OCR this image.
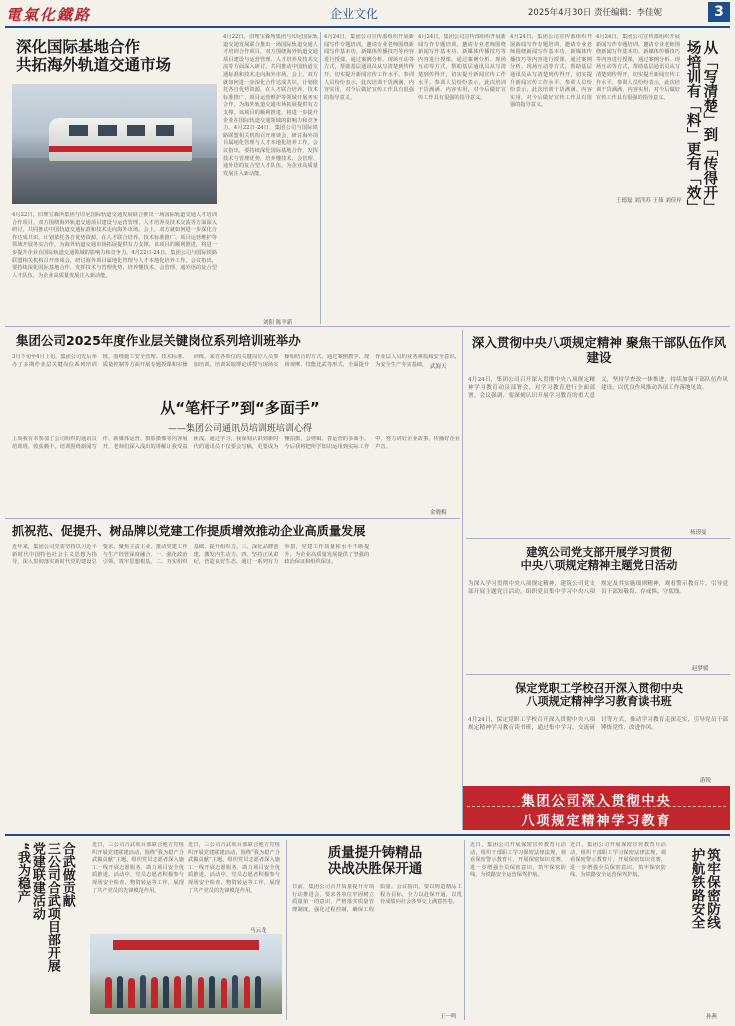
電氣化鐵路	企业文化	2025年4月30日 责任编辑：李佳妮	3
深化国际基地合作
共拓海外轨道交通市场

4月22日，旧理宝森所集团与印尼国际轨道交通发展联合推出一场国际轨道交通人才培训合作项目，双方围绕海外轨道交通项目建设与运营管理、人才培养及技术交流等方面深入研讨，共同推动中国轨道交通标准和技术走向海外市场。会上，双方就如何进一步深化合作达成共识，计划依托各自优势资源，在人才联合培养、技术标准推广、项目运营维护等领域开展务实合作，为海外轨道交通市场拓展提供有力支撑。该项目的顺利推进，将进一步提升企业在国际轨道交通领域的影响力和竞争力。4月22日-24日，集团公司与国际铁路联盟相关机构召开座谈会，研讨海外项目属地化管理与人才本地化培养工作。会议指出，要持续深化国际基地合作，发挥技术与管理优势，培养懂技术、会管理、通外语的复合型人才队伍，为企业高质量发展注入新动能。

4月22日，旧理宝森所集团与印尼国际轨道交通发展联合推出一场国际轨道交通人才培训合作项目，双方围绕海外轨道交通项目建设与运营管理、人才培养及技术交流等方面深入研讨，共同推动中国轨道交通标准和技术走向海外市场。会上，双方就如何进一步深化合作达成共识，计划依托各自优势资源，在人才联合培养、技术标准推广、项目运营维护等领域开展务实合作，为海外轨道交通市场拓展提供有力支撑。该项目的顺利推进，将进一步提升企业在国际轨道交通领域的影响力和竞争力。4月22日-24日，集团公司与国际铁路联盟相关机构召开座谈会，研讨海外项目属地化管理与人才本地化培养工作。会议指出，要持续深化国际基地合作，发挥技术与管理优势，培养懂技术、会管理、通外语的复合型人才队伍，为企业高质量发展注入新动能。

刘阳 陈羊新

4月24日，集团公司宣传部组织开展新闻写作专题培训，邀请专业老师围绕新闻写作基本功、新媒体传播技巧等内容进行授课，通过案例分析、现场互动等方式，帮助基层通讯员从写清楚到传得开，切实提升新闻宣传工作水平。参训人员纷纷表示，此次培训干货满满、内容实用，对今后做好宣传工作具有很强的指导意义。

4月24日，集团公司宣传部组织开展新闻写作专题培训，邀请专业老师围绕新闻写作基本功、新媒体传播技巧等内容进行授课，通过案例分析、现场互动等方式，帮助基层通讯员从写清楚到传得开，切实提升新闻宣传工作水平。参训人员纷纷表示，此次培训干货满满、内容实用，对今后做好宣传工作具有很强的指导意义。

4月24日，集团公司宣传部组织开展新闻写作专题培训，邀请专业老师围绕新闻写作基本功、新媒体传播技巧等内容进行授课，通过案例分析、现场互动等方式，帮助基层通讯员从写清楚到传得开，切实提升新闻宣传工作水平。参训人员纷纷表示，此次培训干货满满、内容实用，对今后做好宣传工作具有很强的指导意义。

4月24日，集团公司宣传部组织开展新闻写作专题培训，邀请专业老师围绕新闻写作基本功、新媒体传播技巧等内容进行授课，通过案例分析、现场互动等方式，帮助基层通讯员从写清楚到传得开，切实提升新闻宣传工作水平。参训人员纷纷表示，此次培训干货满满、内容实用，对今后做好宣传工作具有很强的指导意义。

王德磊 刘洋苏 王茹 刘佳岸	从「写清楚」到「传得开」
场培训有「料」更有「效」
集团公司2025年度作业层关键岗位系列培训班举办

3月下旬至4月上旬，集团公司先后举办了多期作业层关键岗位系列培训班，围绕施工安全管理、技术标准、质量控制等方面开展专题授课和实操训练，来自各单位的关键岗位人员参加培训。培训采取理论讲授与现场实操相结合的方式，通过案例教学、现场观摩、技能比武等形式，全面提升作业层人员的业务素质和安全意识，为安全生产夯实基础。 武海天
从“笔杆子”到“多面手”
——集团公司通讯员培训班培训心得

上周我有幸参加了公司组织的通讯员培训班，收获颇丰。培训围绕新闻写作、新媒体运营、摄影摄像等内容展开，老师们深入浅出的讲解让我受益匪浅。通过学习，我深刻认识到新时代的通讯员不仅要会写稿，更要成为懂拍摄、会剪辑、善运营的多面手。今后我将把所学知识运用到实际工作中，努力讲好企业故事，传播好企业声音。

金晓梅
抓祝范、促提升、树品牌以党建工作提质增效推动企业高质量发展

近年来，集团公司党委坚持以习近平新时代中国特色社会主义思想为指导，深入贯彻落实新时代党的建设总要求，聚焦主责主业，推动党建工作与生产经营深度融合。一、强化政治引领，筑牢思想根基。二、夯实组织基础，提升组织力。三、深化品牌创建，激发内生动力。四、坚持正风肃纪，营造良好生态。通过一系列有力举措，党建工作质量和水平不断提升，为企业高质量发展提供了坚强的政治保证和组织保证。

深入贯彻中央八项规定精神 聚焦干部队伍作风建设

4月24日，集团公司召开深入贯彻中央八项规定精神学习教育动员部署会，对学习教育进行全面部署。会议强调，要深刻认识开展学习教育的重大意义，坚持学查改一体推进，持续加强干部队伍作风建设，以优良作风推动各项工作落地见效。

杨璟曼
建筑公司党支部开展学习贯彻
中央八项规定精神主题党日活动

为深入学习贯彻中央八项规定精神，建筑公司党支部开展主题党日活动，组织党员集中学习中央八项规定及其实施细则精神，观看警示教育片，引导党员干部知敬畏、存戒惧、守底线。

赵梦媛
保定党职工学校召开深入贯彻中央
八项规定精神学习教育读书班

4月24日，保定党职工学校召开深入贯彻中央八项规定精神学习教育读书班，通过集中学习、交流研讨等方式，推动学习教育走深走实，引导党员干部锤炼党性、改进作风。

游锐
集团公司深入贯彻中央
八项规定精神学习教育
合武做贡献
三公司合武项目部开展
党建联建活动
“我为稳产	近日，三公司合武项目部联合地方党组织开展党建联建活动，围绕“我为稳产合武做贡献”主题，组织党员志愿者深入施工一线开展志愿服务，助力项目安全优质推进。活动中，党员志愿者积极参与现场安全检查、物资转运等工作，展现了共产党员的先锋模范作用。

近日，三公司合武项目部联合地方党组织开展党建联建活动，围绕“我为稳产合武做贡献”主题，组织党员志愿者深入施工一线开展志愿服务，助力项目安全优质推进。活动中，党员志愿者积极参与现场安全检查、物资转运等工作，展现了共产党员的先锋模范作用。

马云龙
质量提升铸精品
决战决胜保开通

日前，集团公司召开质量提升专项行动推进会，要求各单位牢固树立质量第一的意识，严格落实质量管理制度，强化过程控制，确保工程质量。会议指出，要以铸造精品工程为目标，全力以赴保开通，以优异成绩向社会各界交上满意答卷。

王一鸣

近日，集团公司开展保密宣传教育月活动，组织干部职工学习保密法律法规，观看保密警示教育片，开展保密知识竞赛，进一步增强全员保密意识，筑牢保密防线，为铁路安全运营保驾护航。

近日，集团公司开展保密宣传教育月活动，组织干部职工学习保密法律法规，观看保密警示教育片，开展保密知识竞赛，进一步增强全员保密意识，筑牢保密防线，为铁路安全运营保驾护航。	筑牢保密防线
护航铁路安全
孙燕
